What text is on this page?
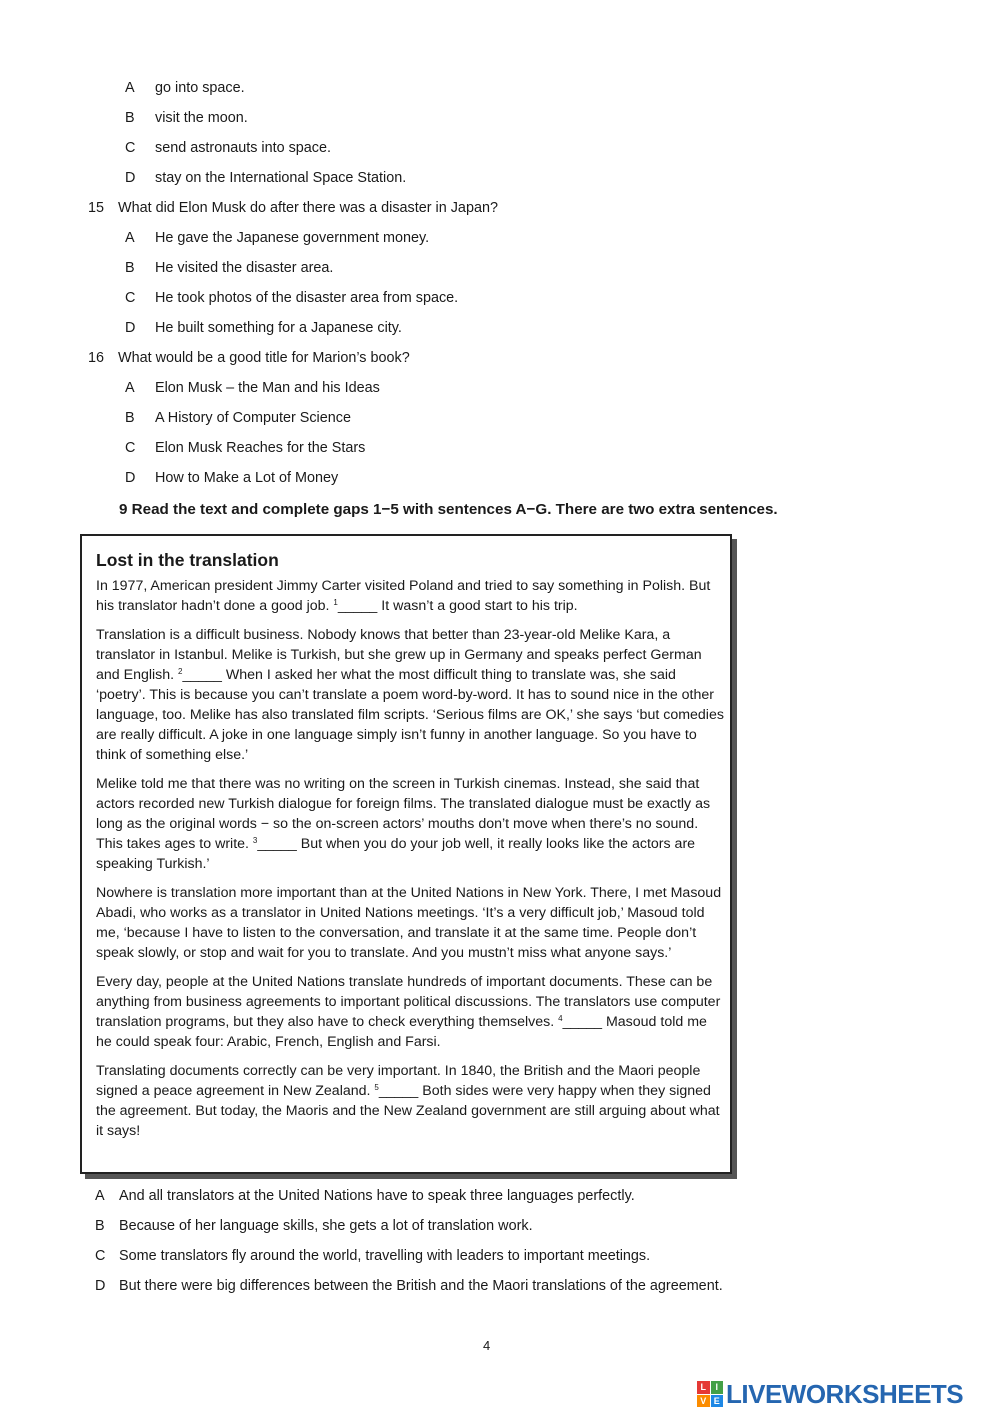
A go into space.
B visit the moon.
C send astronauts into space.
D stay on the International Space Station.
15 What did Elon Musk do after there was a disaster in Japan?
A He gave the Japanese government money.
B He visited the disaster area.
C He took photos of the disaster area from space.
D He built something for a Japanese city.
16 What would be a good title for Marion’s book?
A Elon Musk – the Man and his Ideas
B A History of Computer Science
C Elon Musk Reaches for the Stars
D How to Make a Lot of Money
9 Read the text and complete gaps 1−5 with sentences A−G. There are two extra sentences.
Lost in the translation

In 1977, American president Jimmy Carter visited Poland and tried to say something in Polish. But his translator hadn’t done a good job. $^1$_____ It wasn’t a good start to his trip.

Translation is a difficult business. Nobody knows that better than 23-year-old Melike Kara, a translator in Istanbul. Melike is Turkish, but she grew up in Germany and speaks perfect German and English. $^2$_____ When I asked her what the most difficult thing to translate was, she said ‘poetry’. This is because you can’t translate a poem word-by-word. It has to sound nice in the other language, too. Melike has also translated film scripts. ‘Serious films are OK,’ she says ‘but comedies are really difficult. A joke in one language simply isn’t funny in another language. So you have to think of something else.’

Melike told me that there was no writing on the screen in Turkish cinemas. Instead, she said that actors recorded new Turkish dialogue for foreign films. The translated dialogue must be exactly as long as the original words − so the on-screen actors’ mouths don’t move when there’s no sound. This takes ages to write. $^3$_____ But when you do your job well, it really looks like the actors are speaking Turkish.’

Nowhere is translation more important than at the United Nations in New York. There, I met Masoud Abadi, who works as a translator in United Nations meetings. ‘It’s a very difficult job,’ Masoud told me, ‘because I have to listen to the conversation, and translate it at the same time. People don’t speak slowly, or stop and wait for you to translate. And you mustn’t miss what anyone says.’

Every day, people at the United Nations translate hundreds of important documents. These can be anything from business agreements to important political discussions. The translators use computer translation programs, but they also have to check everything themselves. $^4$_____ Masoud told me he could speak four: Arabic, French, English and Farsi.

Translating documents correctly can be very important. In 1840, the British and the Maori people signed a peace agreement in New Zealand. $^5$_____ Both sides were very happy when they signed the agreement. But today, the Maoris and the New Zealand government are still arguing about what it says!

A And all translators at the United Nations have to speak three languages perfectly.
B Because of her language skills, she gets a lot of translation work.
C Some translators fly around the world, travelling with leaders to important meetings.
D But there were big differences between the British and the Maori translations of the agreement.
4
L	I
V E LIVEWORKSHEETS
